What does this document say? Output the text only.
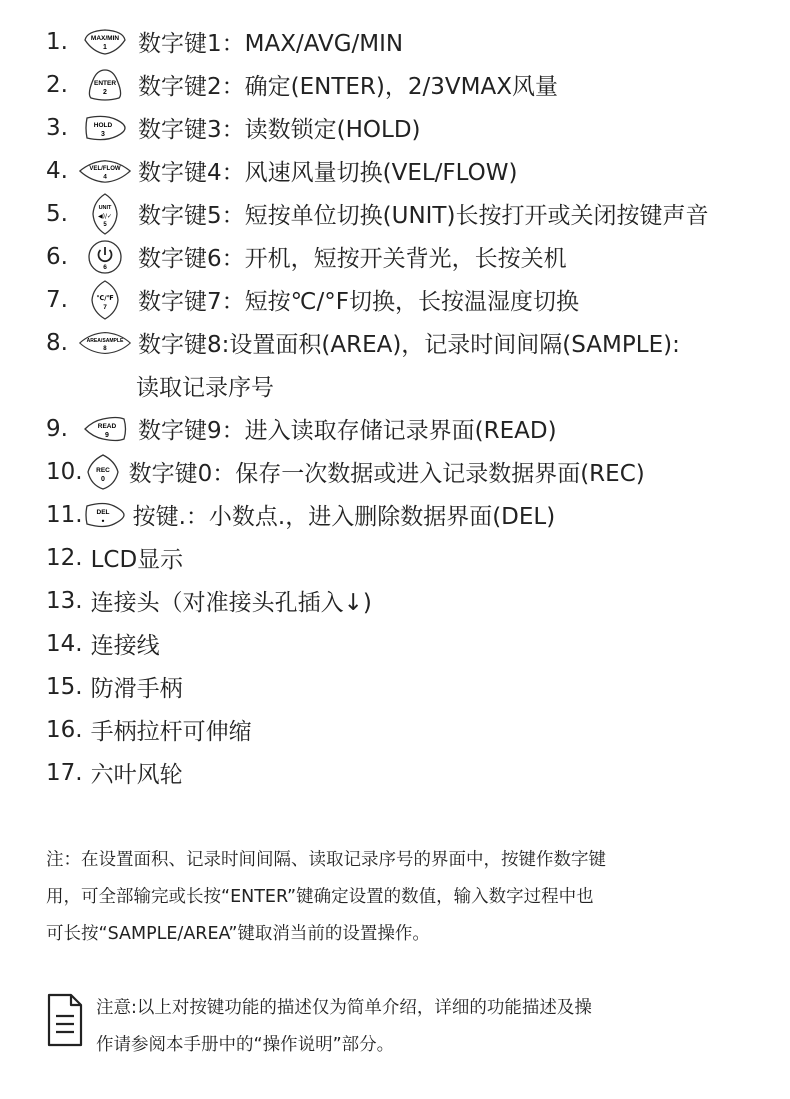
1.	MAX/MIN
1 数字键1：MAX/AVG/MIN
2.	ENTER
2 数字键2：确定(ENTER)，2/3VMAX风量
3.	HOLD
3 数字键3：读数锁定(HOLD)
4.	VEL/FLOW
4 数字键4：风速风量切换(VEL/FLOW)
5.	UNIT
◀)/✓
5 数字键5：短按单位切换(UNIT)长按打开或关闭按键声音
6.	6 数字键6：开机，短按开关背光，长按关机
7.	℃/℉
7 数字键7：短按℃/°F切换，长按温湿度切换
8.	AREA/SAMPLE
8 数字键8:设置面积(AREA)，记录时间间隔(SAMPLE):
读取记录序号
9.	READ
9 数字键9：进入读取存储记录界面(READ)
10. REC
0 数字键0：保存一次数据或进入记录数据界面(REC)
11. DEL
• 按键.：小数点.，进入删除数据界面(DEL)
12. LCD显示
13. 连接头（对准接头孔插入↓)
14. 连接线
15. 防滑手柄
16. 手柄拉杆可伸缩
17. 六叶风轮

注：在设置面积、记录时间间隔、读取记录序号的界面中，按键作数字键

用，可全部输完或长按“ENTER”键确定设置的数值，输入数字过程中也

可长按“SAMPLE/AREA”键取消当前的设置操作。

注意:以上对按键功能的描述仅为简单介绍，详细的功能描述及操

作请参阅本手册中的“操作说明”部分。
